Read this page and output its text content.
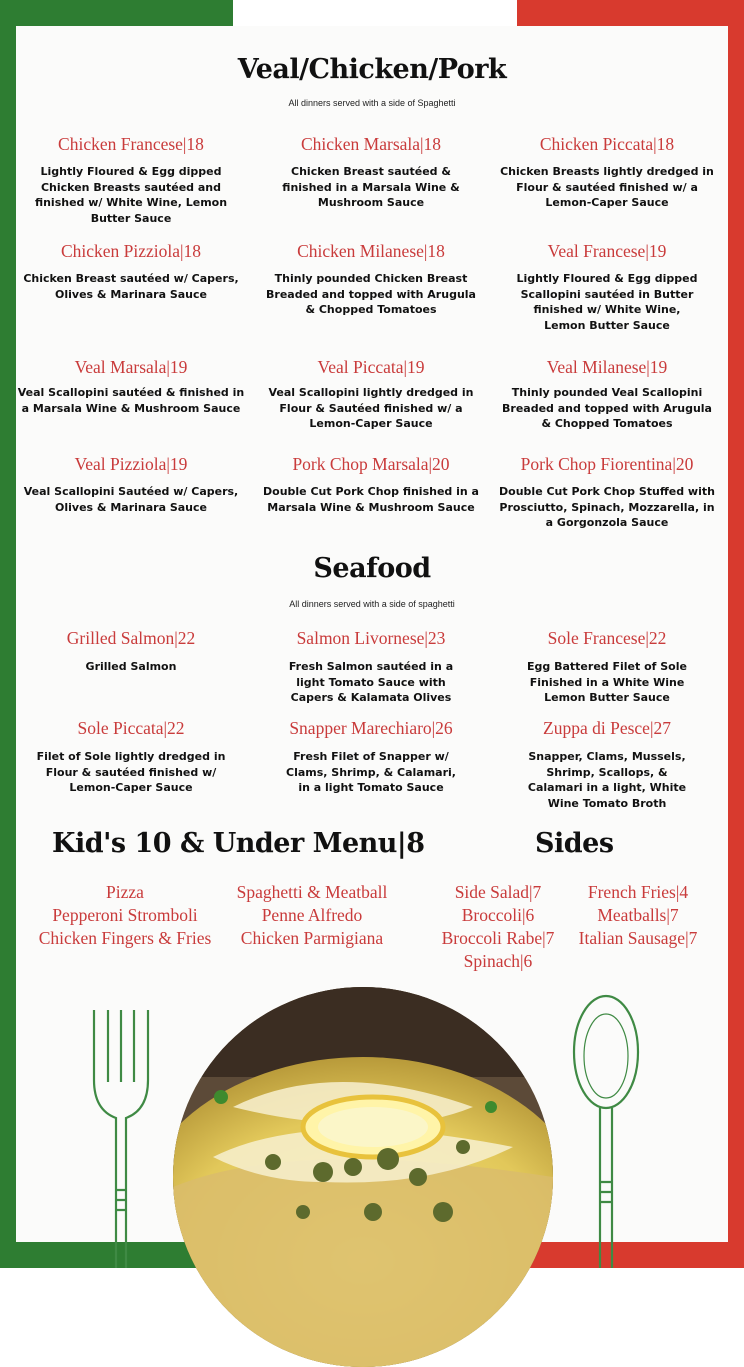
Veal/Chicken/Pork
All dinners served with a side of Spaghetti
Chicken Francese|18
Lightly Floured & Egg dipped Chicken Breasts sautéed and finished w/ White Wine, Lemon Butter Sauce
Chicken Marsala|18
Chicken Breast sautéed & finished in a Marsala Wine & Mushroom Sauce
Chicken Piccata|18
Chicken Breasts lightly dredged in Flour & sautéed finished w/ a Lemon-Caper Sauce
Chicken Pizziola|18
Chicken Breast sautéed w/ Capers, Olives & Marinara Sauce
Chicken Milanese|18
Thinly pounded Chicken Breast Breaded and topped with Arugula & Chopped Tomatoes
Veal Francese|19
Lightly Floured & Egg dipped Scallopini sautéed in Butter finished w/ White Wine, Lemon Butter Sauce
Veal Marsala|19
Veal Scallopini sautéed & finished in a Marsala Wine & Mushroom Sauce
Veal Piccata|19
Veal Scallopini lightly dredged in Flour & Sautéed finished w/ a Lemon-Caper Sauce
Veal Milanese|19
Thinly pounded Veal Scallopini Breaded and topped with Arugula & Chopped Tomatoes
Veal Pizziola|19
Veal Scallopini Sautéed w/ Capers, Olives & Marinara Sauce
Pork Chop Marsala|20
Double Cut Pork Chop finished in a Marsala Wine & Mushroom Sauce
Pork Chop Fiorentina|20
Double Cut Pork Chop Stuffed with Prosciutto, Spinach, Mozzarella, in a Gorgonzola Sauce
Seafood
All dinners served with a side of spaghetti
Grilled Salmon|22
Grilled Salmon
Salmon Livornese|23
Fresh Salmon sautéed in a light Tomato Sauce with Capers & Kalamata Olives
Sole Francese|22
Egg Battered Filet of Sole Finished in a White Wine Lemon Butter Sauce
Sole Piccata|22
Filet of Sole lightly dredged in Flour & sautéed finished w/ Lemon-Caper Sauce
Snapper Marechiaro|26
Fresh Filet of Snapper w/ Clams, Shrimp, & Calamari, in a light Tomato Sauce
Zuppa di Pesce|27
Snapper, Clams, Mussels, Shrimp, Scallops, & Calamari in a light, White Wine Tomato Broth
Kid's 10 & Under Menu|8	Sides
Pizza
Pepperoni Stromboli
Chicken Fingers & Fries
Spaghetti & Meatball
Penne Alfredo
Chicken Parmigiana
Side Salad|7
Broccoli|6
Broccoli Rabe|7
Spinach|6
French Fries|4
Meatballs|7
Italian Sausage|7
